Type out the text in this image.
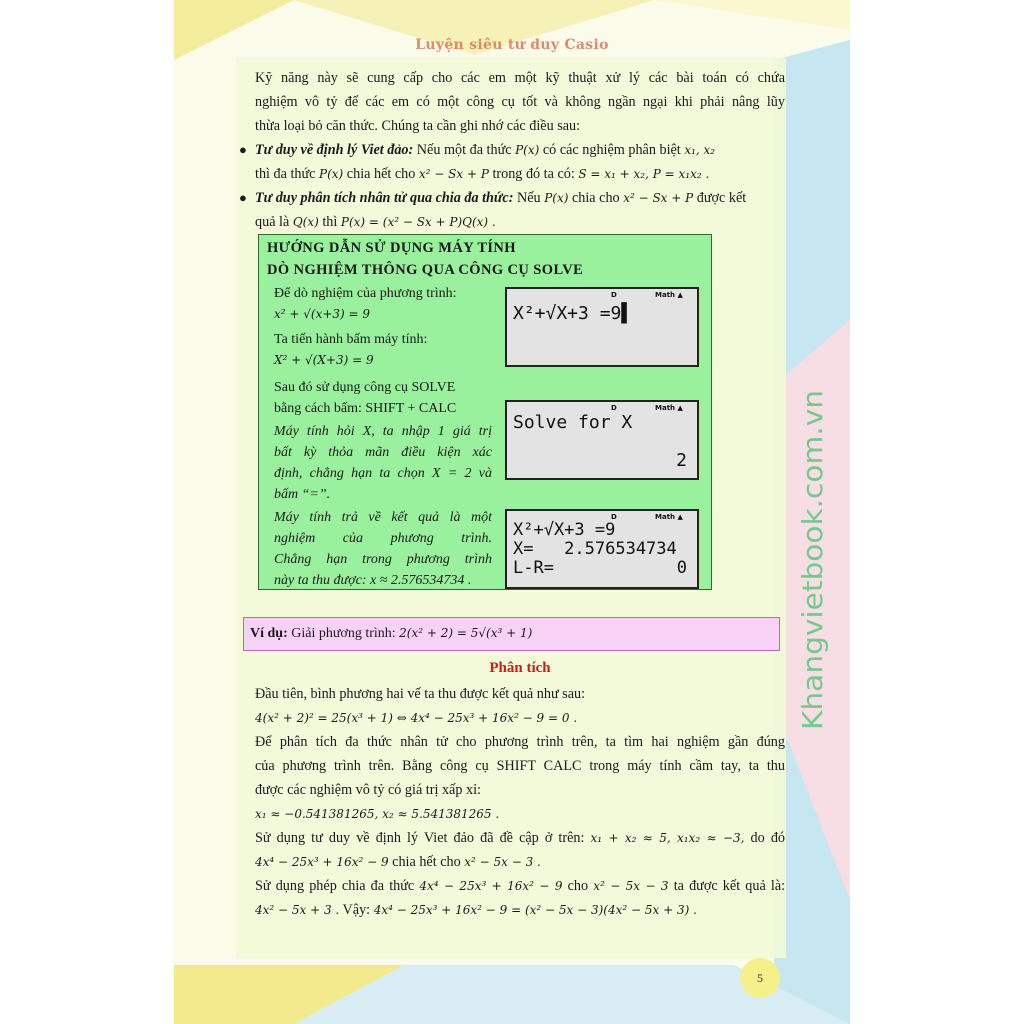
Luyện siêu tư duy Casio

Kỹ năng này sẽ cung cấp cho các em một kỹ thuật xử lý các bài toán có chứa

nghiệm vô tỷ để các em có một công cụ tốt và không ngần ngại khi phải nâng lũy

thừa loại bỏ căn thức. Chúng ta cần ghi nhớ các điều sau:

● Tư duy về định lý Viet đảo: Nếu một đa thức P(x) có các nghiệm phân biệt x₁, x₂

thì đa thức P(x) chia hết cho x² − Sx + P trong đó ta có: S = x₁ + x₂, P = x₁x₂ .

● Tư duy phân tích nhân tử qua chia đa thức: Nếu P(x) chia cho x² − Sx + P được kết

quả là Q(x) thì P(x) = (x² − Sx + P)Q(x) .

HƯỚNG DẪN SỬ DỤNG MÁY TÍNH
DÒ NGHIỆM THÔNG QUA CÔNG CỤ SOLVE
Để dò nghiệm của phương trình:
x² + √(x+3) = 9
Ta tiến hành bấm máy tính:
X² + √(X+3) = 9
Sau đó sử dụng công cụ SOLVE
bằng cách bấm: SHIFT + CALC
Máy tính hỏi X, ta nhập 1 giá trị
bất kỳ thỏa mãn điều kiện xác
định, chẳng hạn ta chọn X = 2 và
bấm “=”.
Máy tính trả về kết quả là một
nghiệm của phương trình.
Chẳng hạn trong phương trình
này ta thu được: x ≈ 2.576534734 .
D	Math ▲
X²+√X+3 =9▌
D	Math ▲
Solve for X
2
D	Math ▲
X²+√X+3 =9
X=   2.576534734
L-R=            0
Ví dụ: Giải phương trình: 2(x² + 2) = 5√(x³ + 1)
Phân tích

Đầu tiên, bình phương hai vế ta thu được kết quả như sau:

4(x² + 2)² = 25(x³ + 1) ⇔ 4x⁴ − 25x³ + 16x² − 9 = 0 .

Để phân tích đa thức nhân tử cho phương trình trên, ta tìm hai nghiệm gần đúng

của phương trình trên. Bằng công cụ SHIFT CALC trong máy tính cầm tay, ta thu

được các nghiệm vô tỷ có giá trị xấp xỉ:

x₁ ≈ −0.541381265, x₂ ≈ 5.541381265 .

Sử dụng tư duy về định lý Viet đảo đã đề cập ở trên: x₁ + x₂ ≈ 5, x₁x₂ ≈ −3, do đó

4x⁴ − 25x³ + 16x² − 9 chia hết cho x² − 5x − 3 .

Sử dụng phép chia đa thức 4x⁴ − 25x³ + 16x² − 9 cho x² − 5x − 3 ta được kết quả là:

4x² − 5x + 3 . Vậy: 4x⁴ − 25x³ + 16x² − 9 = (x² − 5x − 3)(4x² − 5x + 3) .

Khangvietbook.com.vn
5
